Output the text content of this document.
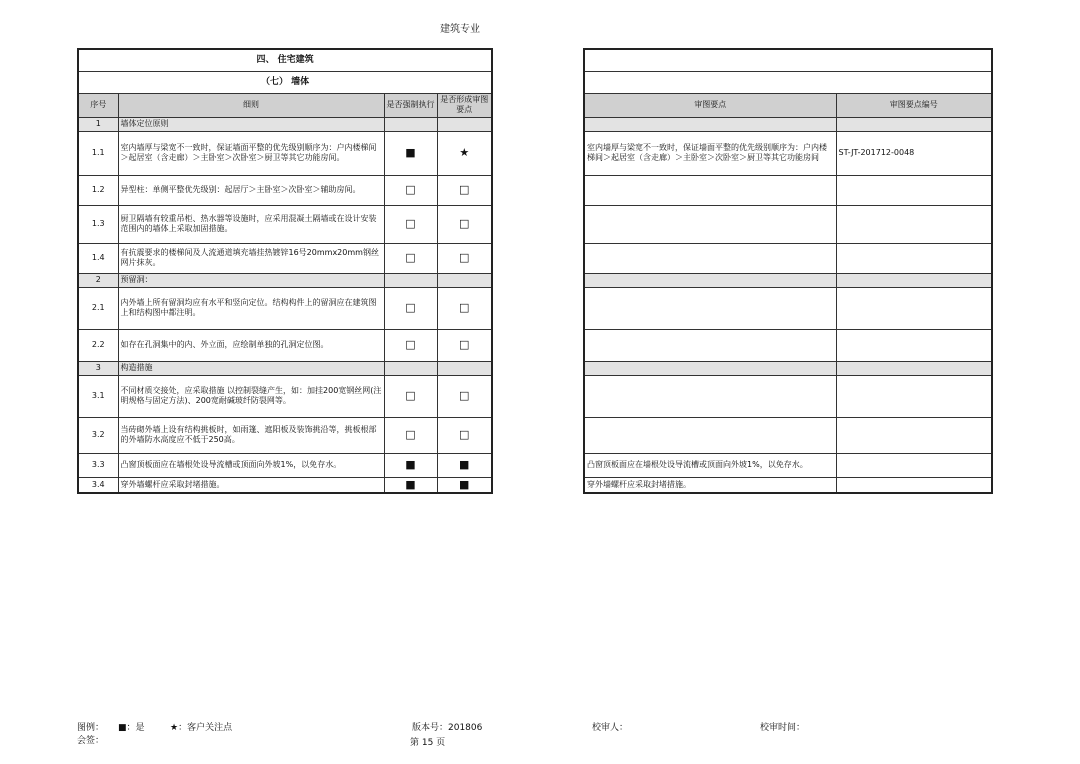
建筑专业
四、 住宅建筑			
（七） 墙体			
序号	细则	是否强制执行	是否形成审图要点
1	墙体定位原则		
1.1	室内墙厚与梁宽不一致时，保证墙面平整的优先级别顺序为：户内楼梯间＞起居室（含走廊）＞主卧室＞次卧室＞厨卫等其它功能房间。	■	★
1.2	异型柱：单侧平整优先级别：起居厅＞主卧室＞次卧室＞辅助房间。	□	□
1.3	厨卫隔墙有较重吊柜、热水器等设施时，应采用混凝土隔墙或在设计安装范围内的墙体上采取加固措施。	□	□
1.4	有抗震要求的楼梯间及人流通道填充墙挂热镀锌16号20mmx20mm钢丝网片抹灰。	□	□
2	预留洞：		
2.1	内外墙上所有留洞均应有水平和竖向定位。结构构件上的留洞应在建筑图上和结构图中都注明。	□	□
2.2	如存在孔洞集中的内、外立面，应绘制单独的孔洞定位图。	□	□
3	构造措施		
3.1	不同材质交接处，应采取措施 以控制裂缝产生，如：加挂200宽钢丝网(注明规格与固定方法)、200宽耐碱玻纤防裂网等。	□	□
3.2	当砖砌外墙上设有结构挑板时，如雨篷、遮阳板及装饰挑沿等，挑板根部的外墙防水高度应不低于250高。	□	□
3.3	凸窗顶板面应在墙根处设导流槽或顶面向外坡1%，以免存水。	■	■
3.4	穿外墙螺杆应采取封堵措施。	■	■

审图要点	审图要点编号

室内墙厚与梁宽不一致时，保证墙面平整的优先级别顺序为：户内楼梯间＞起居室（含走廊）＞主卧室＞次卧室＞厨卫等其它功能房间	ST-JT-201712-0048

凸窗顶板面应在墙根处设导流槽或顶面向外坡1%，以免存水。	
穿外墙螺杆应采取封堵措施。	
图例： ■：是	★：客户关注点	版本号：201806	校审人：	校审时间：
会签：	第 15 页
